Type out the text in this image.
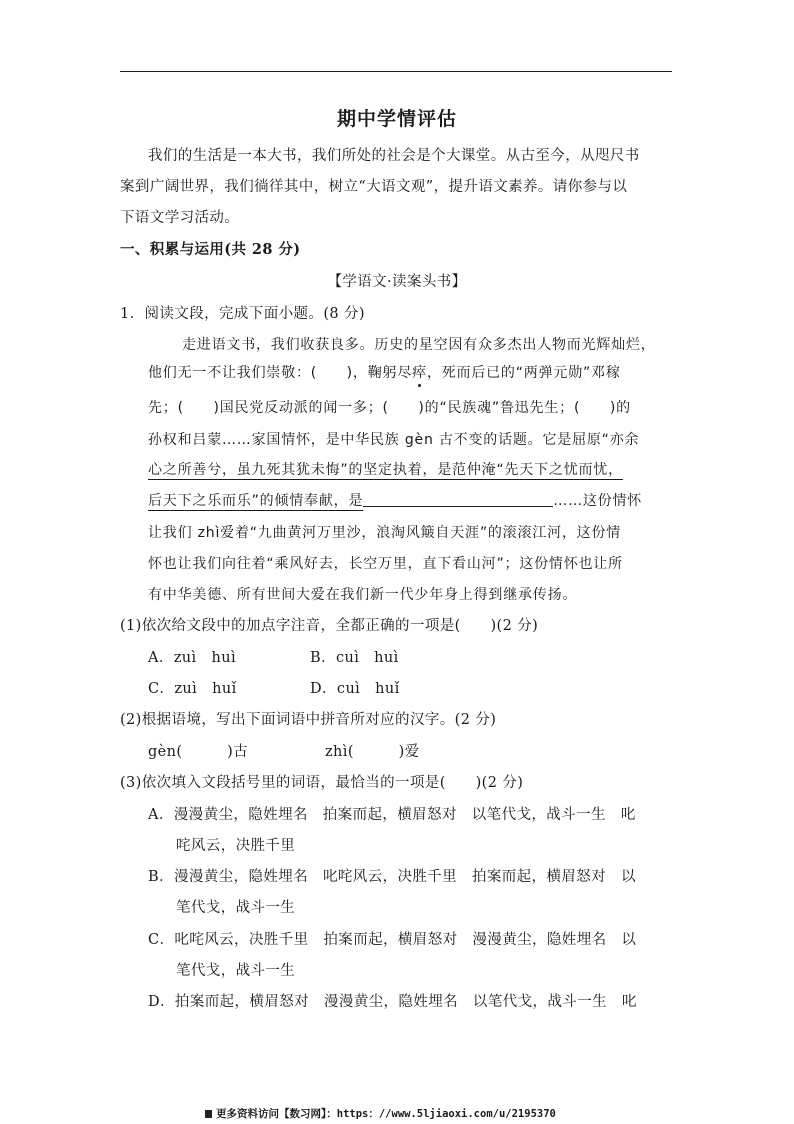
期中学情评估
我们的生活是一本大书，我们所处的社会是个大课堂。从古至今，从咫尺书
案到广阔世界，我们徜徉其中，树立“大语文观”，提升语文素养。请你参与以
下语文学习活动。
一、积累与运用(共 28 分)
【学语文·读案头书】
1．阅读文段，完成下面小题。(8 分)
走进语文书，我们收获良多。历史的星空因有众多杰出人物而光辉灿烂，
他们无一不让我们崇敬：(　　)，鞠躬尽瘁，死而后已的“两弹元勋”邓稼
先；(　　)国民党反动派的闻一多；(　　)的“民族魂”鲁迅先生；(　　)的
孙权和吕蒙……家国情怀，是中华民族 gèn 古不变的话题。它是屈原“亦余
心之所善兮，虽九死其犹未悔”的坚定执着，是范仲淹“先天下之忧而忧，
后天下之乐而乐”的倾情奉献，是	……这份情怀
让我们 zhì爱着“九曲黄河万里沙，浪淘风簸自天涯”的滚滚江河，这份情
怀也让我们向往着“乘风好去，长空万里，直下看山河”；这份情怀也让所
有中华美德、所有世间大爱在我们新一代少年身上得到继承传扬。
(1)依次给文段中的加点字注音，全都正确的一项是(　　)(2 分)
A．zuì　huì	B．cuì　huì
C．zuì　huǐ	D．cuì　huǐ
(2)根据语境，写出下面词语中拼音所对应的汉字。(2 分)
gèn(　　　)古	zhì(　　　)爱
(3)依次填入文段括号里的词语，最恰当的一项是(　　)(2 分)
A．漫漫黄尘，隐姓埋名　拍案而起，横眉怒对　以笔代戈，战斗一生　叱
咤风云，决胜千里
B．漫漫黄尘，隐姓埋名　叱咤风云，决胜千里　拍案而起，横眉怒对　以
笔代戈，战斗一生
C．叱咤风云，决胜千里　拍案而起，横眉怒对　漫漫黄尘，隐姓埋名　以
笔代戈，战斗一生
D．拍案而起，横眉怒对　漫漫黄尘，隐姓埋名　以笔代戈，战斗一生　叱
更多资料访问【数习网】：https：//www.5ljiaoxi.com/u/2195370
